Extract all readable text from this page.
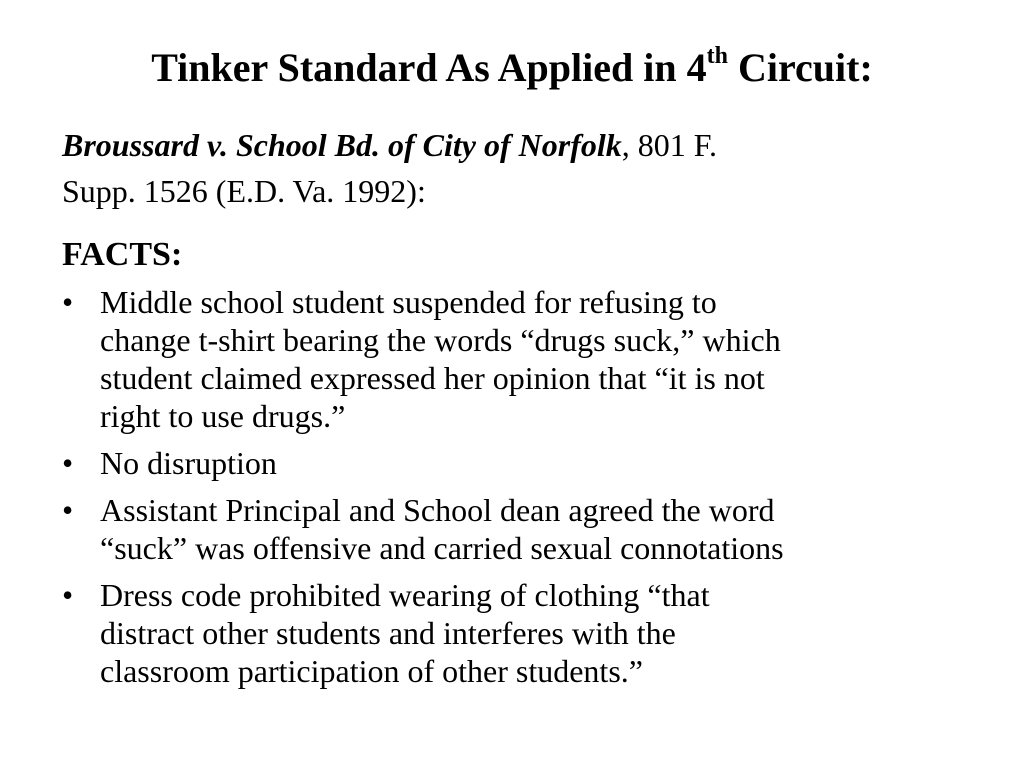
Tinker Standard As Applied in 4th Circuit:
Broussard v. School Bd. of City of Norfolk, 801 F.
Supp. 1526 (E.D. Va. 1992):
FACTS:
• Middle school student suspended for refusing to
change t-shirt bearing the words “drugs suck,” which
student claimed expressed her opinion that “it is not
right to use drugs.”
• No disruption
• Assistant Principal and School dean agreed the word
“suck” was offensive and carried sexual connotations
• Dress code prohibited wearing of clothing “that
distract other students and interferes with the
classroom participation of other students.”
